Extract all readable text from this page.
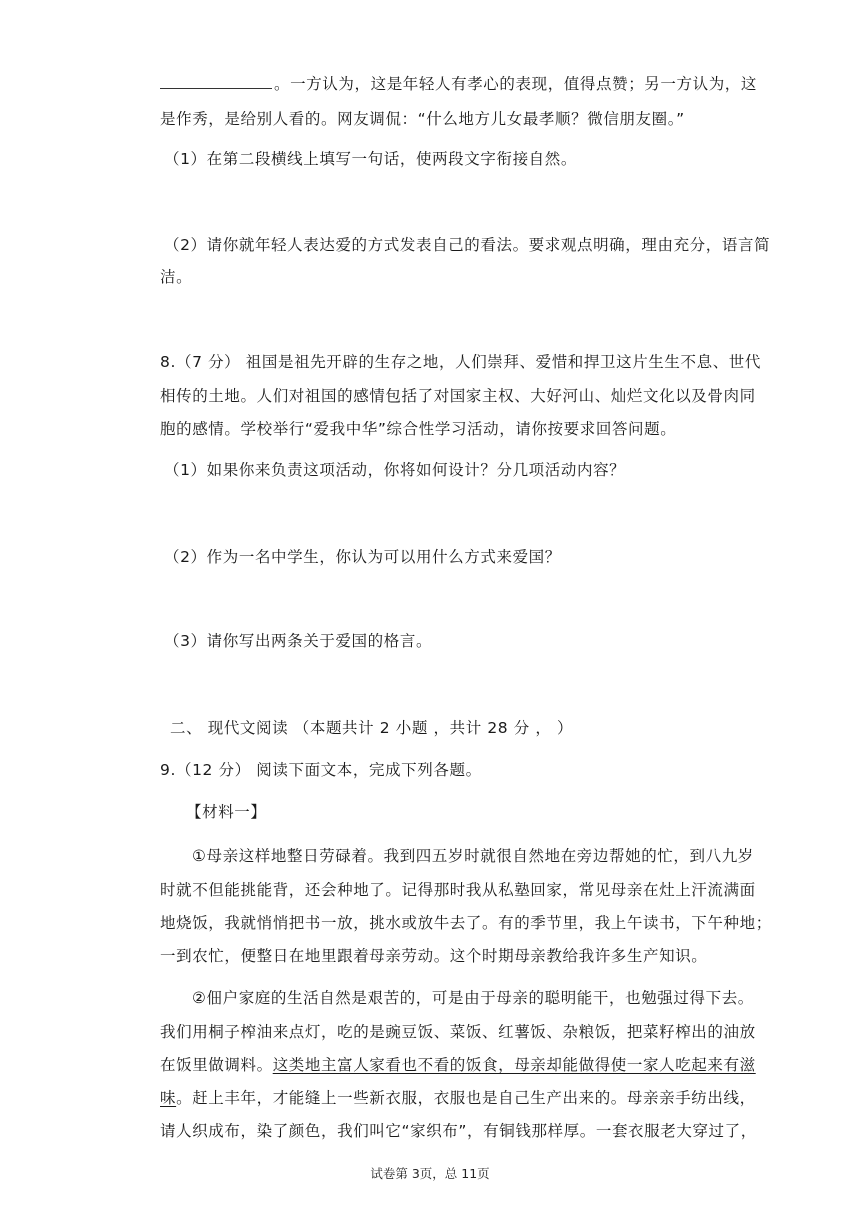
。一方认为，这是年轻人有孝心的表现，值得点赞；另一方认为，这
是作秀，是给别人看的。网友调侃：“什么地方儿女最孝顺？微信朋友圈。”
（1）在第二段横线上填写一句话，使两段文字衔接自然。
（2）请你就年轻人表达爱的方式发表自己的看法。要求观点明确，理由充分，语言简
洁。
8.（7 分） 祖国是祖先开辟的生存之地，人们崇拜、爱惜和捍卫这片生生不息、世代
相传的土地。人们对祖国的感情包括了对国家主权、大好河山、灿烂文化以及骨肉同
胞的感情。学校举行“爱我中华”综合性学习活动，请你按要求回答问题。
（1）如果你来负责这项活动，你将如何设计？分几项活动内容？
（2）作为一名中学生，你认为可以用什么方式来爱国？
（3）请你写出两条关于爱国的格言。
二、 现代文阅读 （本题共计 2 小题 ，共计 28 分 ， ）
9.（12 分） 阅读下面文本，完成下列各题。
【材料一】
①母亲这样地整日劳碌着。我到四五岁时就很自然地在旁边帮她的忙，到八九岁
时就不但能挑能背，还会种地了。记得那时我从私塾回家，常见母亲在灶上汗流满面
地烧饭，我就悄悄把书一放，挑水或放牛去了。有的季节里，我上午读书，下午种地；
一到农忙，便整日在地里跟着母亲劳动。这个时期母亲教给我许多生产知识。
②佃户家庭的生活自然是艰苦的，可是由于母亲的聪明能干，也勉强过得下去。
我们用桐子榨油来点灯，吃的是豌豆饭、菜饭、红薯饭、杂粮饭，把菜籽榨出的油放
在饭里做调料。这类地主富人家看也不看的饭食，母亲却能做得使一家人吃起来有滋
味。赶上丰年，才能缝上一些新衣服，衣服也是自己生产出来的。母亲亲手纺出线，
请人织成布，染了颜色，我们叫它“家织布”，有铜钱那样厚。一套衣服老大穿过了，
试卷第 3页，总 11页
